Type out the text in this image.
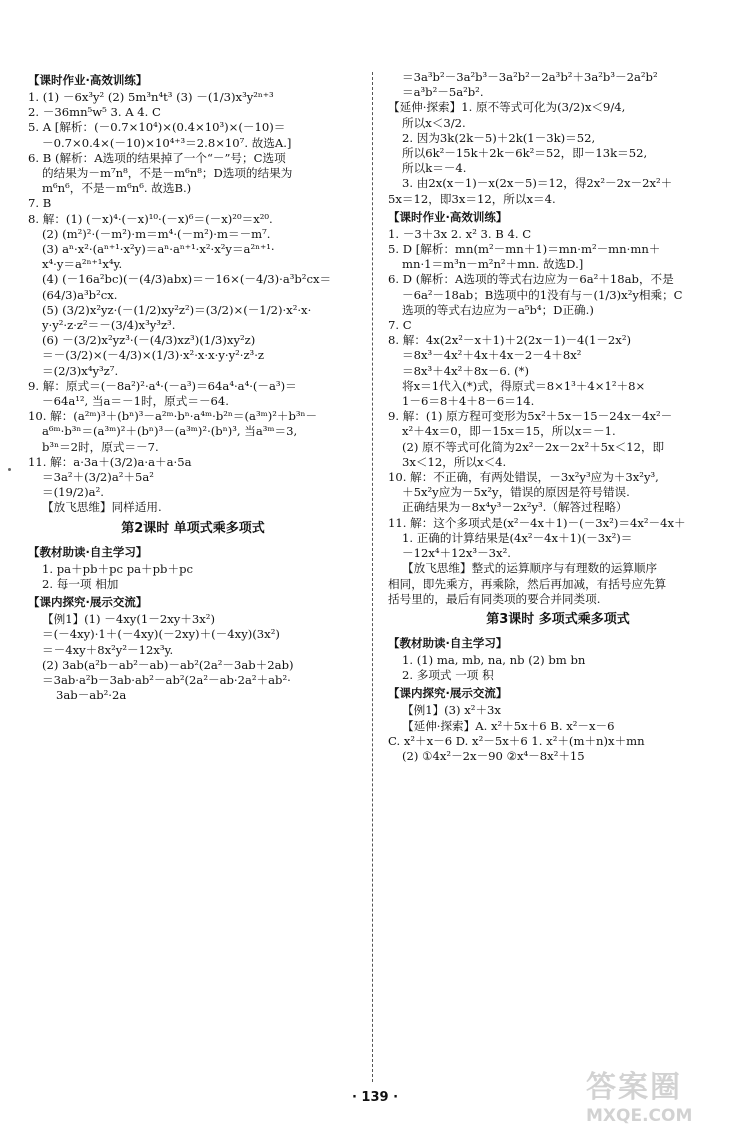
【课时作业·高效训练】
1. (1) －6x³y² (2) 5m³n⁴t³ (3) －(1/3)x³y²ⁿ⁺³
2. －36mn⁵w⁵ 3. A 4. C
5. A [解析：(－0.7×10⁴)×(0.4×10³)×(－10)＝
－0.7×0.4×(－10)×10⁴⁺³＝2.8×10⁷. 故选A.]
6. B (解析：A选项的结果掉了一个“－”号；C选项
的结果为－m⁷n⁸，不是－m⁶n⁸；D选项的结果为
m⁶n⁶，不是－m⁶n⁶. 故选B.)
7. B
8. 解：(1) (－x)⁴·(－x)¹⁰·(－x)⁶＝(－x)²⁰＝x²⁰.
(2) (m²)²·(－m²)·m＝m⁴·(－m²)·m＝－m⁷.
(3) aⁿ·x²·(aⁿ⁺¹·x²y)＝aⁿ·aⁿ⁺¹·x²·x²y＝a²ⁿ⁺¹·
x⁴·y＝a²ⁿ⁺¹x⁴y.
(4) (－16a²bc)(－(4/3)abx)＝－16×(－4/3)·a³b²cx＝
(64/3)a³b²cx.
(5) (3/2)x²yz·(－(1/2)xy²z²)＝(3/2)×(－1/2)·x²·x·
y·y²·z·z²＝－(3/4)x³y³z³.
(6) －(3/2)x²yz³·(－(4/3)xz³)(1/3)xy²z)
＝－(3/2)×(－4/3)×(1/3)·x²·x·x·y·y²·z³·z
＝(2/3)x⁴y³z⁷.
9. 解：原式＝(－8a²)²·a⁴·(－a³)＝64a⁴·a⁴·(－a³)＝
－64a¹², 当a＝－1时，原式＝－64.
10. 解：(a²ᵐ)³＋(bⁿ)³－a²ᵐ·bⁿ·a⁴ᵐ·b²ⁿ＝(a³ᵐ)²＋b³ⁿ－
a⁶ᵐ·b³ⁿ＝(a³ᵐ)²＋(bⁿ)³－(a³ᵐ)²·(bⁿ)³, 当a³ᵐ＝3,
b³ⁿ＝2时，原式＝－7.
11. 解：a·3a＋(3/2)a·a＋a·5a
＝3a²＋(3/2)a²＋5a²
＝(19/2)a².
【放飞思维】同样适用.
第2课时 单项式乘多项式
【教材助读·自主学习】
1. pa＋pb＋pc pa＋pb＋pc
2. 每一项 相加
【课内探究·展示交流】
【例1】(1) －4xy(1－2xy＋3x²)
＝(－4xy)·1＋(－4xy)(－2xy)＋(－4xy)(3x²)
＝－4xy＋8x²y²－12x³y.
(2) 3ab(a²b－ab²－ab)－ab²(2a²－3ab＋2ab)
＝3ab·a²b－3ab·ab²－ab²(2a²－ab·2a²＋ab²·
3ab－ab²·2a
＝3a³b²－3a²b³－3a²b²－2a³b²＋3a²b³－2a²b²
＝a³b²－5a²b².
【延伸·探索】1. 原不等式可化为(3/2)x＜9/4,
所以x＜3/2.
2. 因为3k(2k－5)＋2k(1－3k)＝52,
所以6k²－15k＋2k－6k²＝52，即－13k＝52,
所以k＝－4.
3. 由2x(x－1)－x(2x－5)＝12，得2x²－2x－2x²＋
5x＝12，即3x＝12，所以x＝4.
【课时作业·高效训练】
1. －3＋3x 2. x² 3. B 4. C
5. D [解析：mn(m²－mn＋1)＝mn·m²－mn·mn＋
mn·1＝m³n－m²n²＋mn. 故选D.]
6. D (解析：A选项的等式右边应为－6a²＋18ab，不是
－6a²－18ab；B选项中的1没有与－(1/3)x²y相乘；C
选项的等式右边应为－a⁵b⁴；D正确.)
7. C
8. 解：4x(2x²－x＋1)＋2(2x－1)－4(1－2x²)
＝8x³－4x²＋4x＋4x－2－4＋8x²
＝8x³＋4x²＋8x－6. (*)
将x＝1代入(*)式，得原式＝8×1³＋4×1²＋8×
1－6＝8＋4＋8－6＝14.
9. 解：(1) 原方程可变形为5x²＋5x－15－24x－4x²－
x²＋4x＝0，即－15x＝15，所以x＝－1.
(2) 原不等式可化简为2x²－2x－2x²＋5x＜12，即
3x＜12，所以x＜4.
10. 解：不正确，有两处错误，－3x²y³应为＋3x²y³,
＋5x²y应为－5x²y，错误的原因是符号错误.
正确结果为－8x⁴y³－2x²y³.（解答过程略）
11. 解：这个多项式是(x²－4x＋1)－(－3x²)＝4x²－4x＋
1. 正确的计算结果是(4x²－4x＋1)(－3x²)＝
－12x⁴＋12x³－3x².
【放飞思维】整式的运算顺序与有理数的运算顺序
相同，即先乘方，再乘除，然后再加减，有括号应先算
括号里的，最后有同类项的要合并同类项.
第3课时 多项式乘多项式
【教材助读·自主学习】
1. (1) ma, mb, na, nb (2) bm bn
2. 多项式 一项 积
【课内探究·展示交流】
【例1】(3) x²＋3x
【延伸·探索】A. x²＋5x＋6 B. x²－x－6
C. x²＋x－6 D. x²－5x＋6 1. x²＋(m＋n)x＋mn
(2) ①4x²－2x－90 ②x⁴－8x²＋15
· 139 ·	答案圈
MXQE.COM
